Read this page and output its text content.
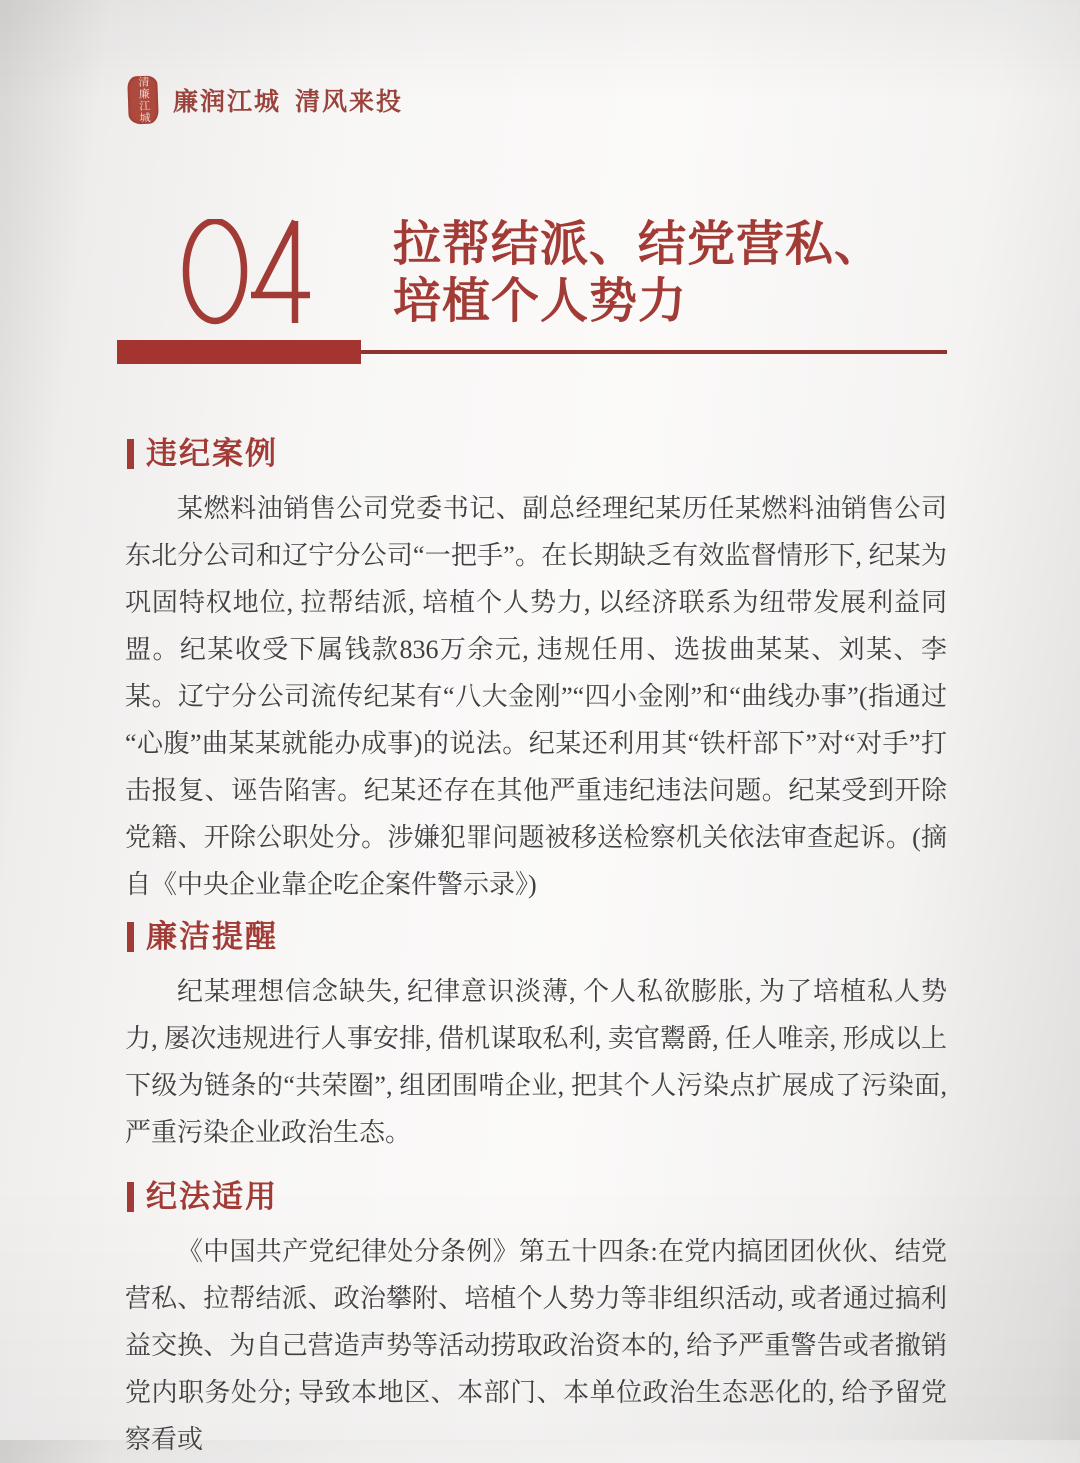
清廉江城 廉润江城 清风来投
拉帮结派、结党营私、
培植个人势力
违纪案例

某燃料油销售公司党委书记、副总经理纪某历任某燃料油销售公司东北分公司和辽宁分公司“一把手”。在长期缺乏有效监督情形下, 纪某为巩固特权地位, 拉帮结派, 培植个人势力, 以经济联系为纽带发展利益同盟。纪某收受下属钱款836万余元, 违规任用、选拔曲某某、刘某、李某。辽宁分公司流传纪某有“八大金刚”“四小金刚”和“曲线办事”(指通过“心腹”曲某某就能办成事)的说法。纪某还利用其“铁杆部下”对“对手”打击报复、诬告陷害。纪某还存在其他严重违纪违法问题。纪某受到开除党籍、开除公职处分。涉嫌犯罪问题被移送检察机关依法审查起诉。(摘自《中央企业靠企吃企案件警示录》)

廉洁提醒

纪某理想信念缺失, 纪律意识淡薄, 个人私欲膨胀, 为了培植私人势力, 屡次违规进行人事安排, 借机谋取私利, 卖官鬻爵, 任人唯亲, 形成以上下级为链条的“共荣圈”, 组团围啃企业, 把其个人污染点扩展成了污染面, 严重污染企业政治生态。

纪法适用

《中国共产党纪律处分条例》第五十四条:在党内搞团团伙伙、结党营私、拉帮结派、政治攀附、培植个人势力等非组织活动, 或者通过搞利益交换、为自己营造声势等活动捞取政治资本的, 给予严重警告或者撤销党内职务处分; 导致本地区、本部门、本单位政治生态恶化的, 给予留党察看或
